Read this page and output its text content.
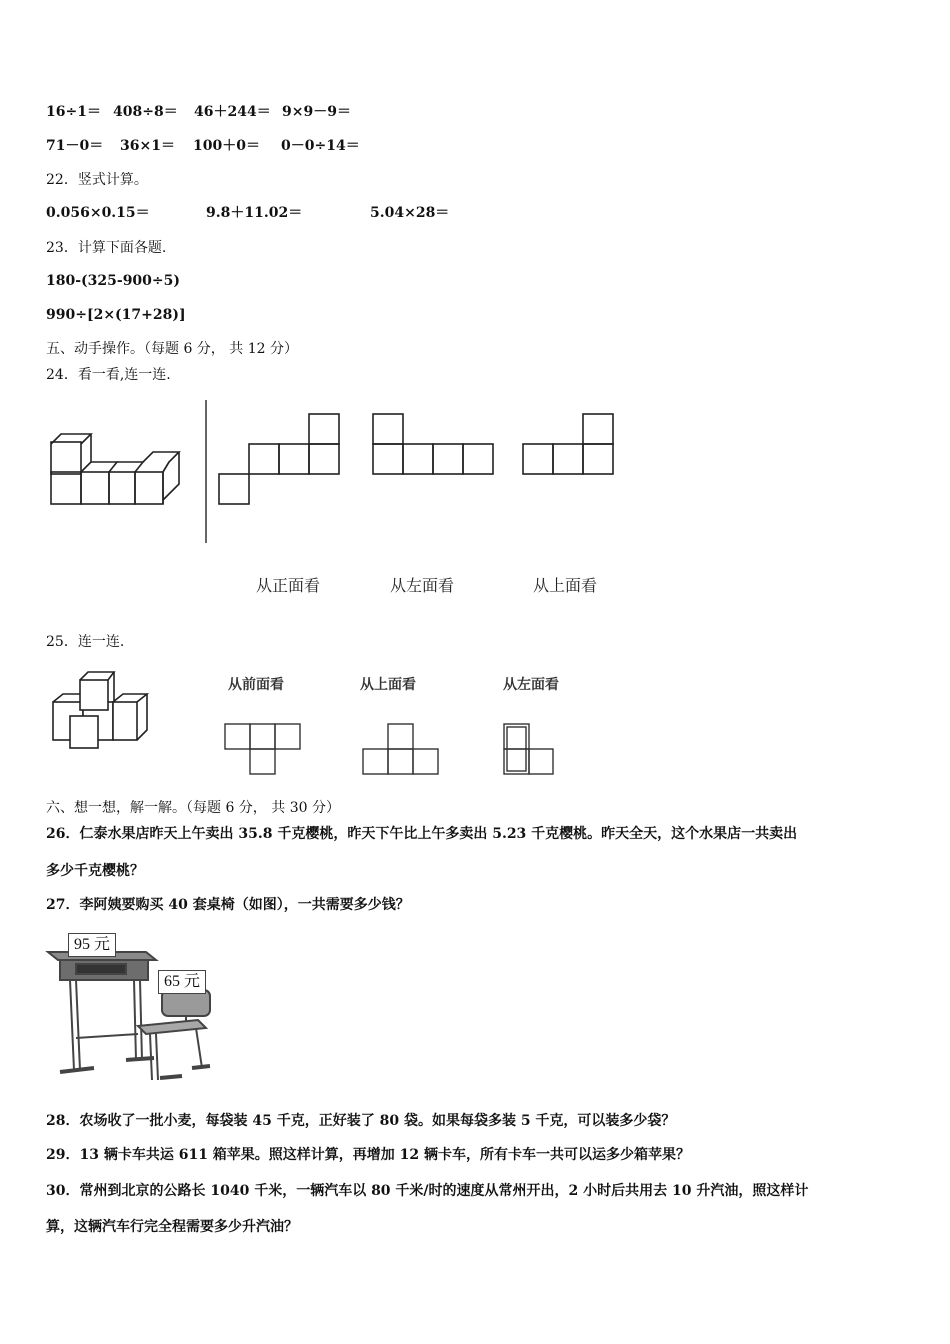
16÷1＝ 408÷8＝ 46＋244＝ 9×9－9＝
71－0＝ 36×1＝ 100＋0＝ 0－0÷14＝
22．竖式计算。
0.056×0.15＝	9.8＋11.02＝	5.04×28＝
23．计算下面各题.
180-(325-900÷5)
990÷[2×(17+28)]
五、动手操作。（每题 6 分， 共 12 分）
24．看一看,连一连.
从正面看	从左面看	从上面看
25．连一连.
从前面看	从上面看	从左面看
六、想一想，解一解。（每题 6 分， 共 30 分）
26．仁泰水果店昨天上午卖出 35.8 千克樱桃，昨天下午比上午多卖出 5.23 千克樱桃。昨天全天，这个水果店一共卖出
多少千克樱桃？
27．李阿姨要购买 40 套桌椅（如图），一共需要多少钱？
95 元
65 元
28．农场收了一批小麦，每袋装 45 千克，正好装了 80 袋。如果每袋多装 5 千克，可以装多少袋？
29．13 辆卡车共运 611 箱苹果。照这样计算，再增加 12 辆卡车，所有卡车一共可以运多少箱苹果？
30．常州到北京的公路长 1040 千米，一辆汽车以 80 千米/时的速度从常州开出，2 小时后共用去 10 升汽油，照这样计
算，这辆汽车行完全程需要多少升汽油？
